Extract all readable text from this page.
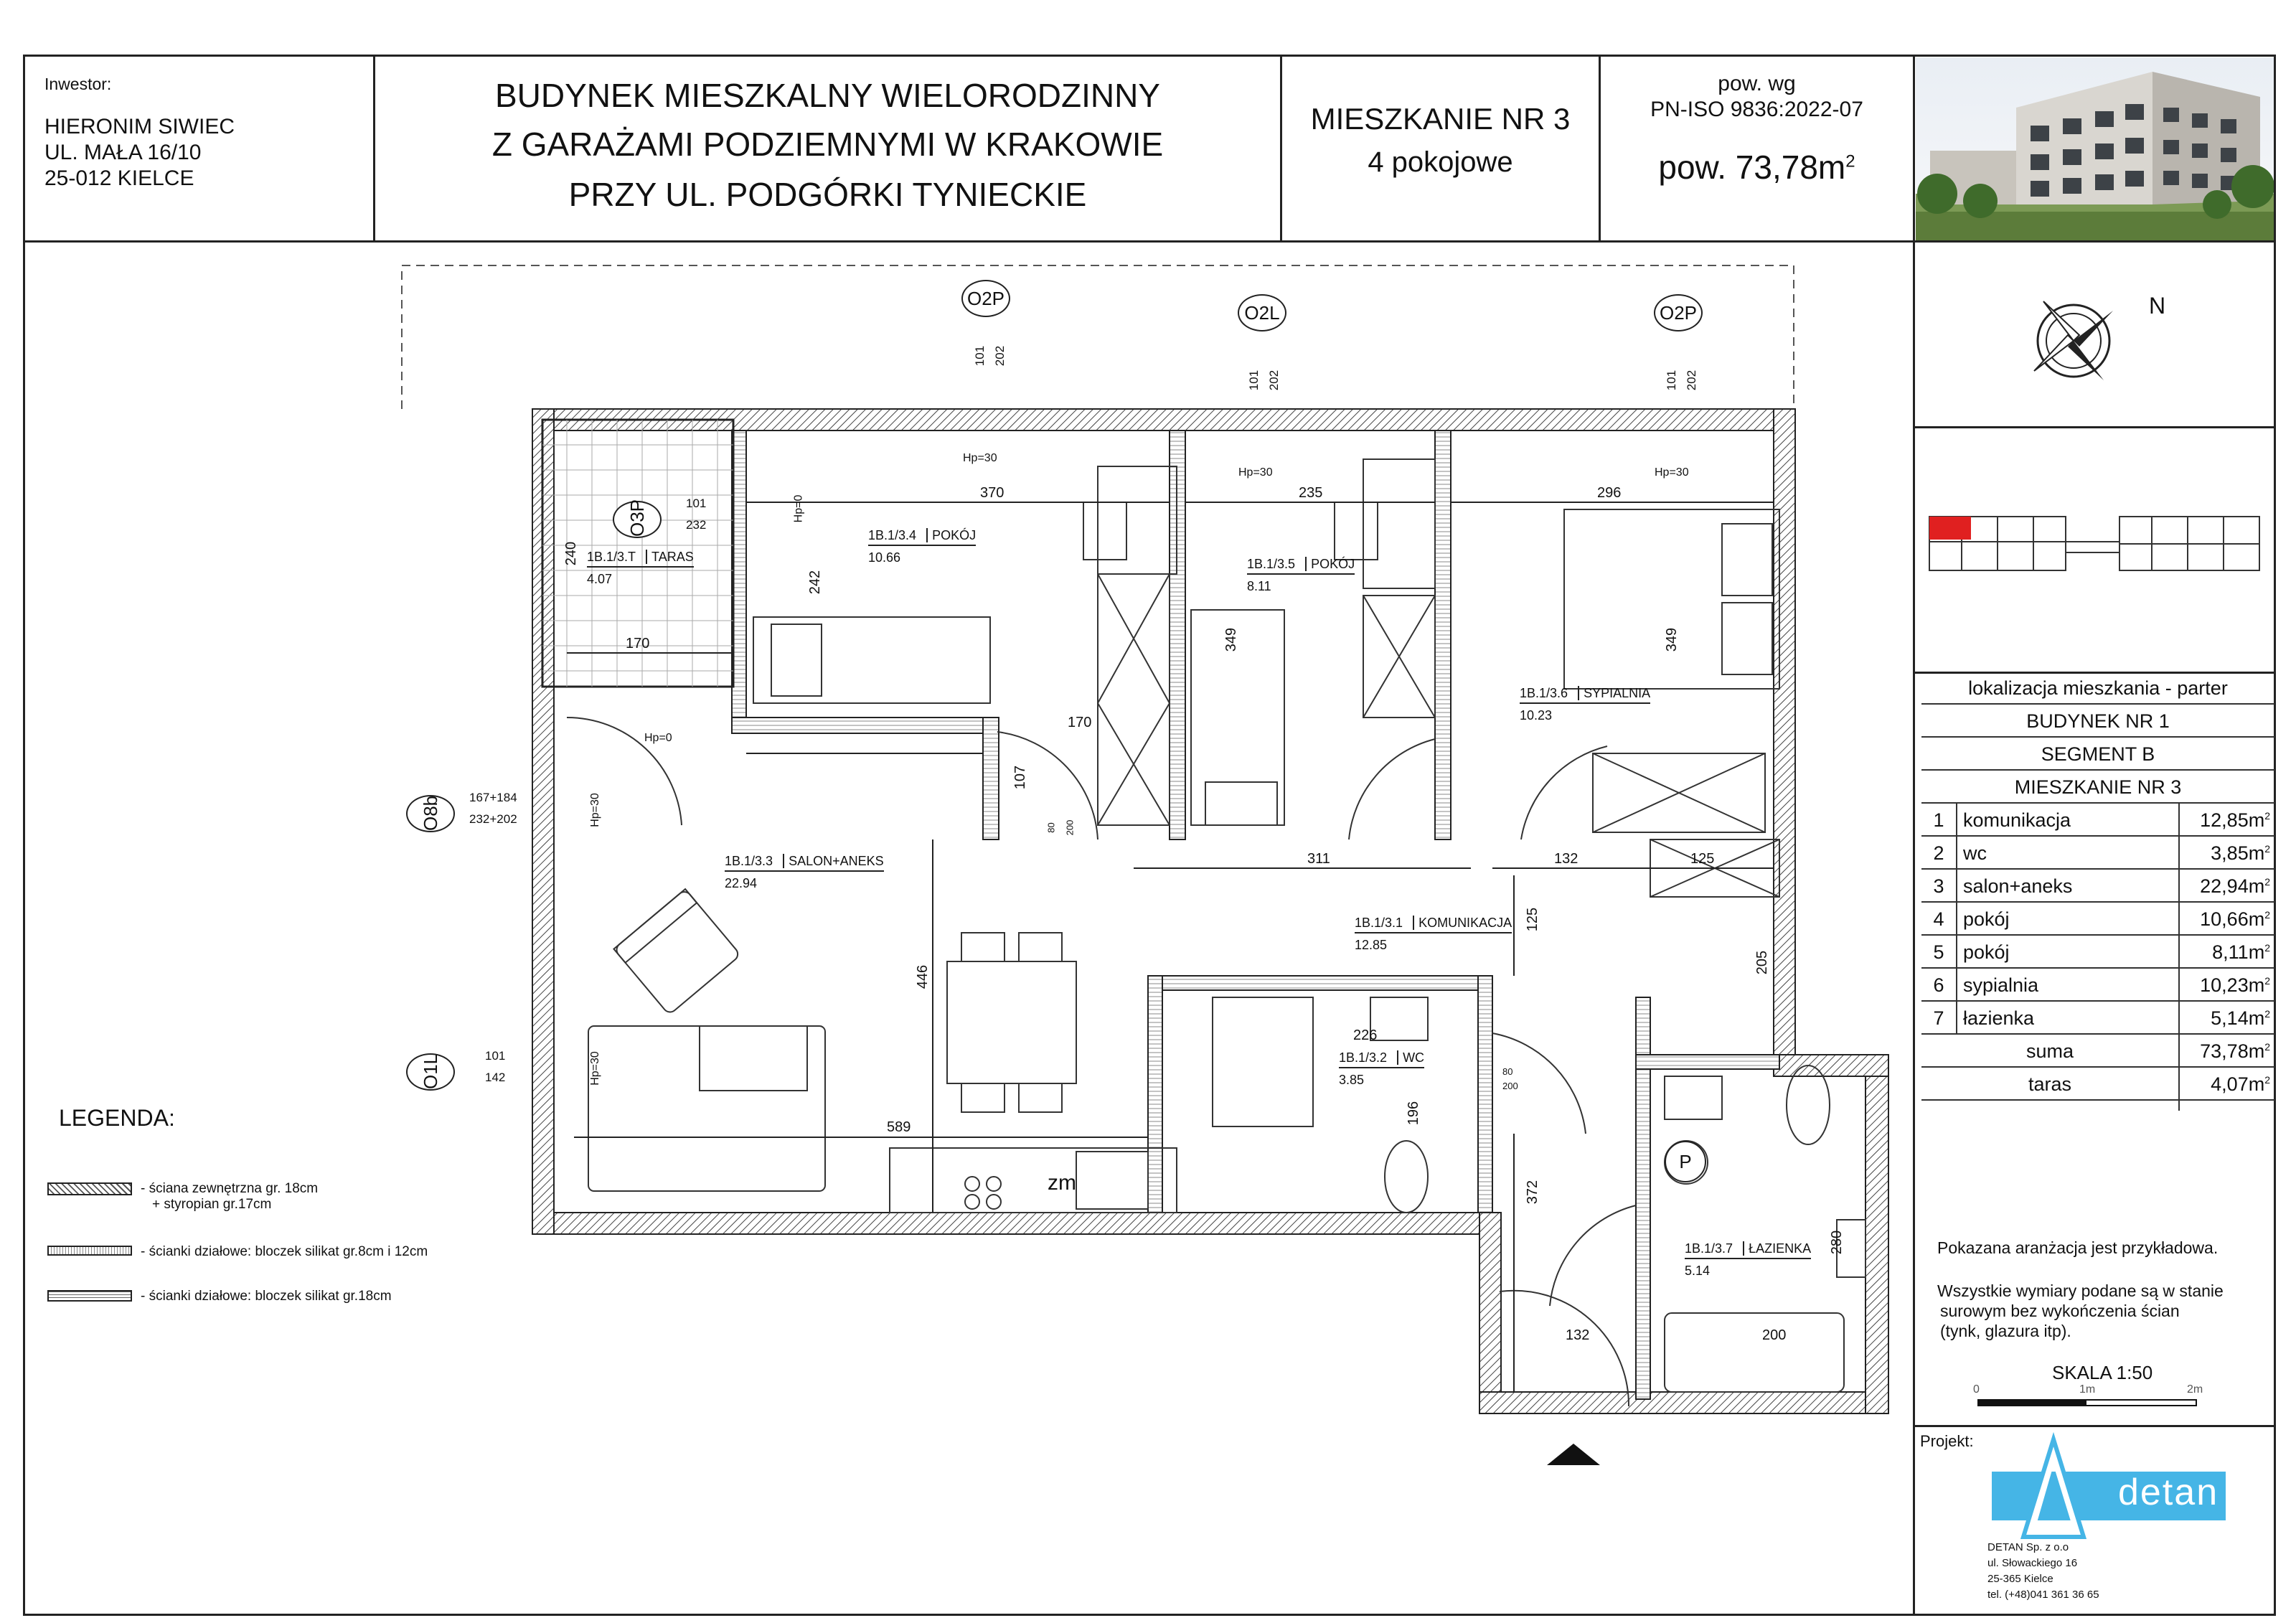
Inwestor:
HIERONIM SIWIEC
UL. MAŁA 16/10
25-012 KIELCE
BUDYNEK MIESZKALNY WIELORODZINNY
Z GARAŻAMI PODZIEMNYMI W KRAKOWIE
PRZY UL. PODGÓRKI TYNIECKIE
MIESZKANIE NR 3
4 pokojowe
pow. wg
PN-ISO 9836:2022-07
pow. $73,78m^2$
N
lokalizacja mieszkania - parter
BUDYNEK NR 1
SEGMENT B
MIESZKANIE NR 3
1 komunikacja	$12,85m^2$
2 wc	$3,85m^2$
3 salon+aneks	$22,94m^2$
4 pokój	$10,66m^2$
5 pokój	$8,11m^2$
6 sypialnia	$10,23m^2$
7 łazienka	$5,14m^2$
suma	$73,78m^2$
taras	$4,07m^2$
Pokazana aranżacja jest przykładowa.
Wszystkie wymiary podane są w stanie
surowym bez wykończenia ścian
(tynk, glazura itp).
SKALA 1:50
0	1m	2m
Projekt:
detan
DETAN Sp. z o.o
ul. Słowackiego 16
25-365 Kielce
tel. (+48)041 361 36 65
LEGENDA:
- ściana zewnętrzna gr. 18cm
+ styropian gr.17cm
- ścianki działowe: bloczek silikat gr.8cm i 12cm
- ścianki działowe: bloczek silikat gr.18cm
1B.1/3.T TARAS
4.07
1B.1/3.4 POKÓJ
10.66	1B.1/3.5 POKÓJ
8.11
1B.1/3.6 SYPIALNIA
10.23
1B.1/3.3 SALON+ANEKS
22.94
1B.1/3.1 KOMUNIKACJA
12.85
1B.1/3.2 WC
3.85
1B.1/3.7 ŁAZIENKA
5.14
O2P
O2L	O2P
O3P
O8b
O1L
101 202
101 202	101 202
101
232
167+184
232+202
101
142
Hp=30
Hp=30	Hp=30
Hp=0
Hp=0
Hp=30
Hp=30
370	235	296
240
242
170	349	349
170
107
311	132	125
125
205
446
226
196
589
372
280
132	200
80 200
80
200
zm
P
